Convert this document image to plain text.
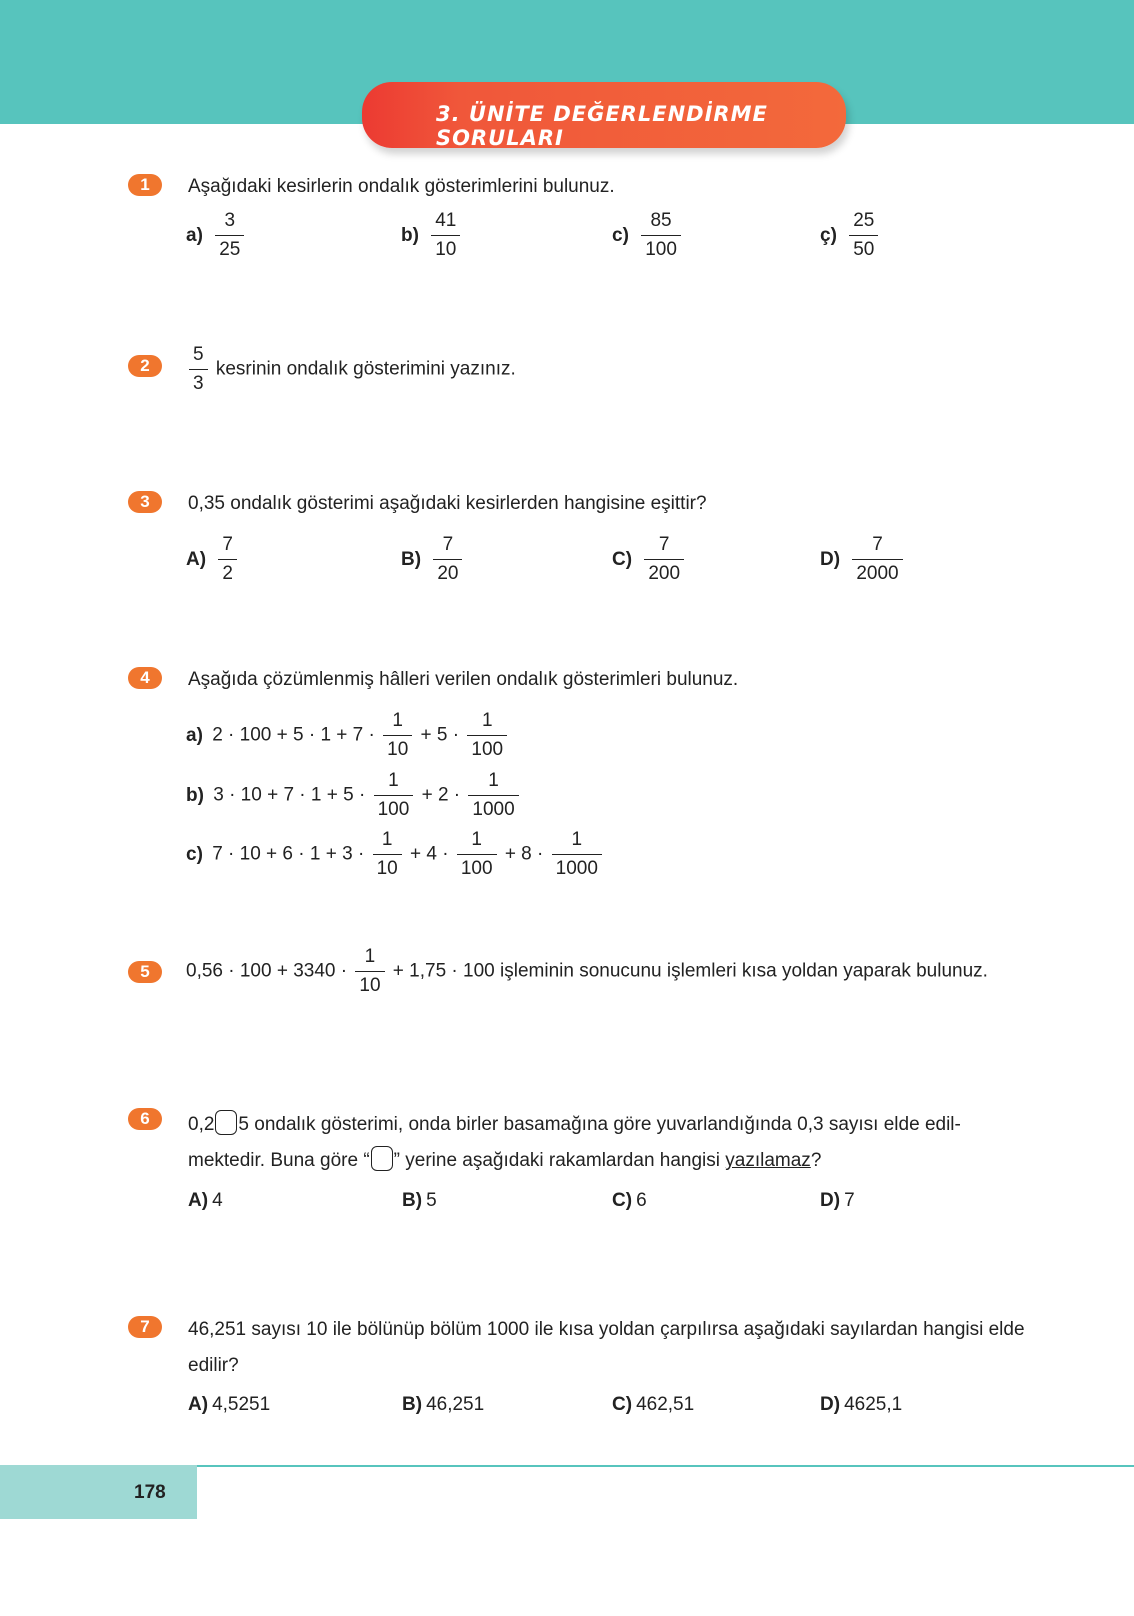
3. ÜNİTE DEĞERLENDİRME SORULARI
1	Aşağıdaki kesirlerin ondalık gösterimlerini bulunuz.
$a) \frac{3}{25}$	$b) \frac{41}{10}$	$c) \frac{85}{100}$	ç) $\frac{25}{50}$
2	$\frac{5}{3}$ kesrinin ondalık gösterimini yazınız.
3	0,35 ondalık gösterimi aşağıdaki kesirlerden hangisine eşittir?
$A) \frac{7}{2}$	$B) \frac{7}{20}$	$C) \frac{7}{200}$	$D) \frac{7}{2000}$
4	Aşağıda çözümlenmiş hâlleri verilen ondalık gösterimleri bulunuz.
a) $2 \cdot 100 + 5 \cdot 1 + 7 \cdot \frac{1}{10} + 5 \cdot \frac{1}{100}$
b) $3 \cdot 10 + 7 \cdot 1 + 5 \cdot \frac{1}{100} + 2 \cdot \frac{1}{1000}$
c) $7 \cdot 10 + 6 \cdot 1 + 3 \cdot \frac{1}{10} + 4 \cdot \frac{1}{100} + 8 \cdot \frac{1}{1000}$
5	$0,56 \cdot 100 + 3340 \cdot \frac{1}{10} + 1,75 \cdot 100$ işleminin sonucunu işlemleri kısa yoldan yaparak bulunuz.
6	0,2 5 ondalık gösterimi, onda birler basamağına göre yuvarlandığında 0,3 sayısı elde edil-
mektedir. Buna göre “ ” yerine aşağıdaki rakamlardan hangisi yazılamaz?
A) 4	B) 5	C) 6	D) 7
7	46,251 sayısı 10 ile bölünüp bölüm 1000 ile kısa yoldan çarpılırsa aşağıdaki sayılardan hangisi elde edilir?
A) 4,5251	B) 46,251	C) 462,51	D) 4625,1
178
